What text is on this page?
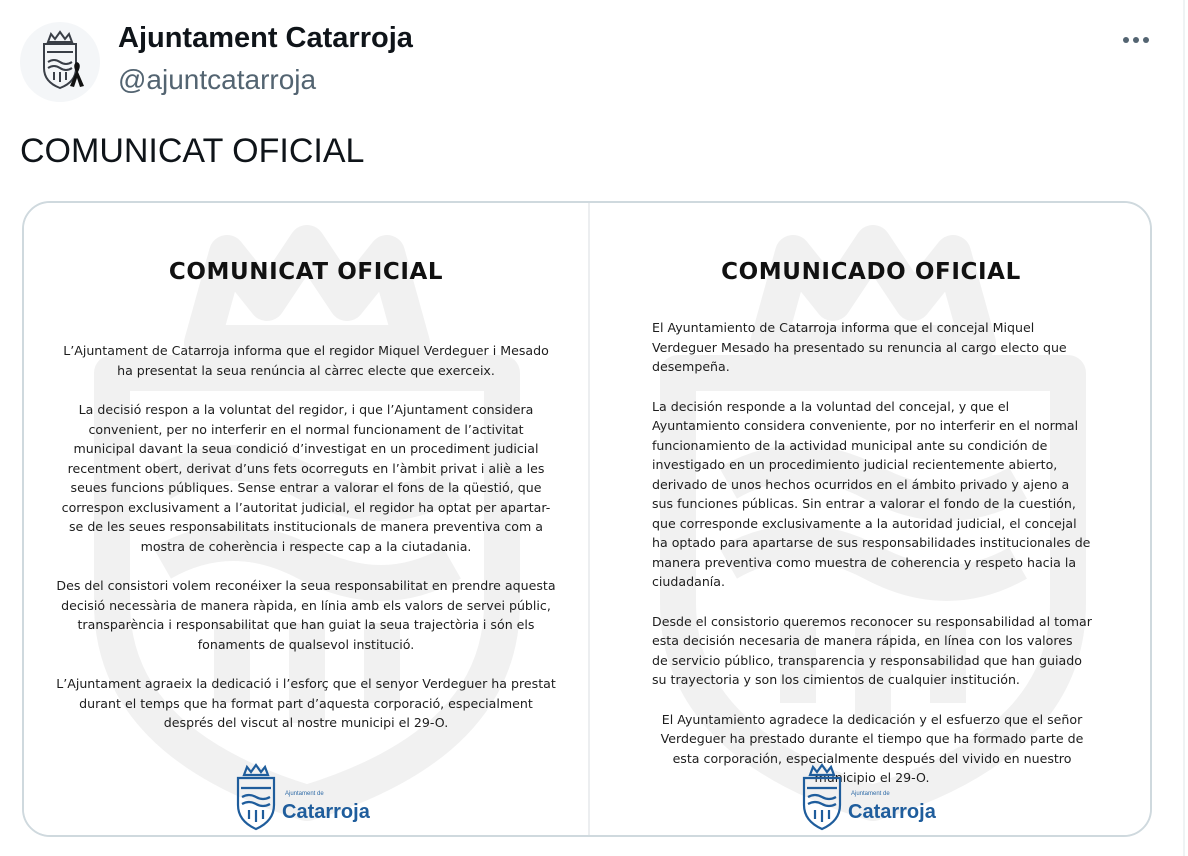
Ajuntament Catarroja
@ajuntcatarroja
COMUNICAT OFICIAL
COMUNICAT OFICIAL

L’Ajuntament de Catarroja informa que el regidor Miquel Verdeguer i Mesado ha presentat la seua renúncia al càrrec electe que exerceix.

La decisió respon a la voluntat del regidor, i que l’Ajuntament considera convenient, per no interferir en el normal funcionament de l’activitat municipal davant la seua condició d’investigat en un procediment judicial recentment obert, derivat d’uns fets ocorreguts en l’àmbit privat i aliè a les seues funcions públiques. Sense entrar a valorar el fons de la qüestió, que correspon exclusivament a l’autoritat judicial, el regidor ha optat per apartar-se de les seues responsabilitats institucionals de manera preventiva com a mostra de coherència i respecte cap a la ciutadania.

Des del consistori volem reconéixer la seua responsabilitat en prendre aquesta decisió necessària de manera ràpida, en línia amb els valors de servei públic, transparència i responsabilitat que han guiat la seua trajectòria i són els fonaments de qualsevol institució.

L’Ajuntament agraeix la dedicació i l’esforç que el senyor Verdeguer ha prestat durant el temps que ha format part d’aquesta corporació, especialment després del viscut al nostre municipi el 29-O.

Ajuntament de
Catarroja
COMUNICADO OFICIAL

El Ayuntamiento de Catarroja informa que el concejal Miquel Verdeguer Mesado ha presentado su renuncia al cargo electo que desempeña.

La decisión responde a la voluntad del concejal, y que el Ayuntamiento considera conveniente, por no interferir en el normal funcionamiento de la actividad municipal ante su condición de investigado en un procedimiento judicial recientemente abierto, derivado de unos hechos ocurridos en el ámbito privado y ajeno a sus funciones públicas. Sin entrar a valorar el fondo de la cuestión, que corresponde exclusivamente a la autoridad judicial, el concejal ha optado para apartarse de sus responsabilidades institucionales de manera preventiva como muestra de coherencia y respeto hacia la ciudadanía.

Desde el consistorio queremos reconocer su responsabilidad al tomar esta decisión necesaria de manera rápida, en línea con los valores de servicio público, transparencia y responsabilidad que han guiado su trayectoria y son los cimientos de cualquier institución.

El Ayuntamiento agradece la dedicación y el esfuerzo que el señor Verdeguer ha prestado durante el tiempo que ha formado parte de esta corporación, especialmente después del vivido en nuestro municipio el 29-O.

Ajuntament de
Catarroja
